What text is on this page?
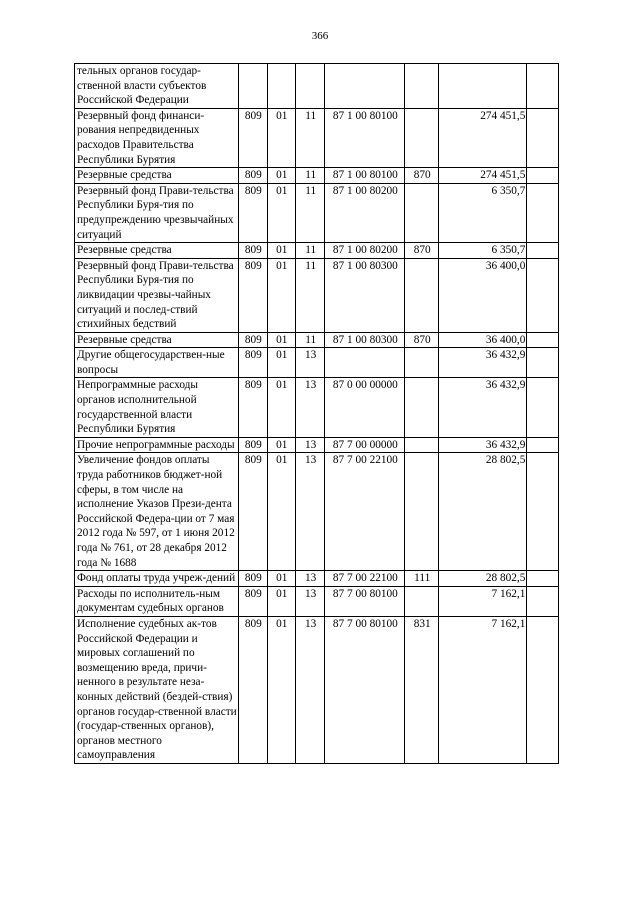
366
тельных органов государ-ственной власти субъектов Российской Федерации							
Резервный фонд финанси-рования непредвиденных расходов Правительства Республики Бурятия	809	01	11	87 1 00 80100		274 451,5	
Резервные средства	809	01	11	87 1 00 80100	870	274 451,5	
Резервный фонд Прави-тельства Республики Буря-тия по предупреждению чрезвычайных ситуаций	809	01	11	87 1 00 80200		6 350,7	
Резервные средства	809	01	11	87 1 00 80200	870	6 350,7	
Резервный фонд Прави-тельства Республики Буря-тия по ликвидации чрезвы-чайных ситуаций и послед-ствий стихийных бедствий	809	01	11	87 1 00 80300		36 400,0	
Резервные средства	809	01	11	87 1 00 80300	870	36 400,0	
Другие общегосударствен-ные вопросы	809	01	13			36 432,9	
Непрограммные расходы органов исполнительной государственной власти Республики Бурятия	809	01	13	87 0 00 00000		36 432,9	
Прочие непрограммные расходы	809	01	13	87 7 00 00000		36 432,9	
Увеличение фондов оплаты труда работников бюджет-ной сферы, в том числе на исполнение Указов Прези-дента Российской Федера-ции от 7 мая 2012 года № 597, от 1 июня 2012 года № 761, от 28 декабря 2012 года № 1688	809	01	13	87 7 00 22100		28 802,5	
Фонд оплаты труда учреж-дений	809	01	13	87 7 00 22100	111	28 802,5	
Расходы по исполнитель-ным документам судебных органов	809	01	13	87 7 00 80100		7 162,1	
Исполнение судебных ак-тов Российской Федерации и мировых соглашений по возмещению вреда, причи-ненного в результате неза-конных действий (бездей-ствия) органов государ-ственной власти (государ-ственных органов), органов местного самоуправления	809	01	13	87 7 00 80100	831	7 162,1	
